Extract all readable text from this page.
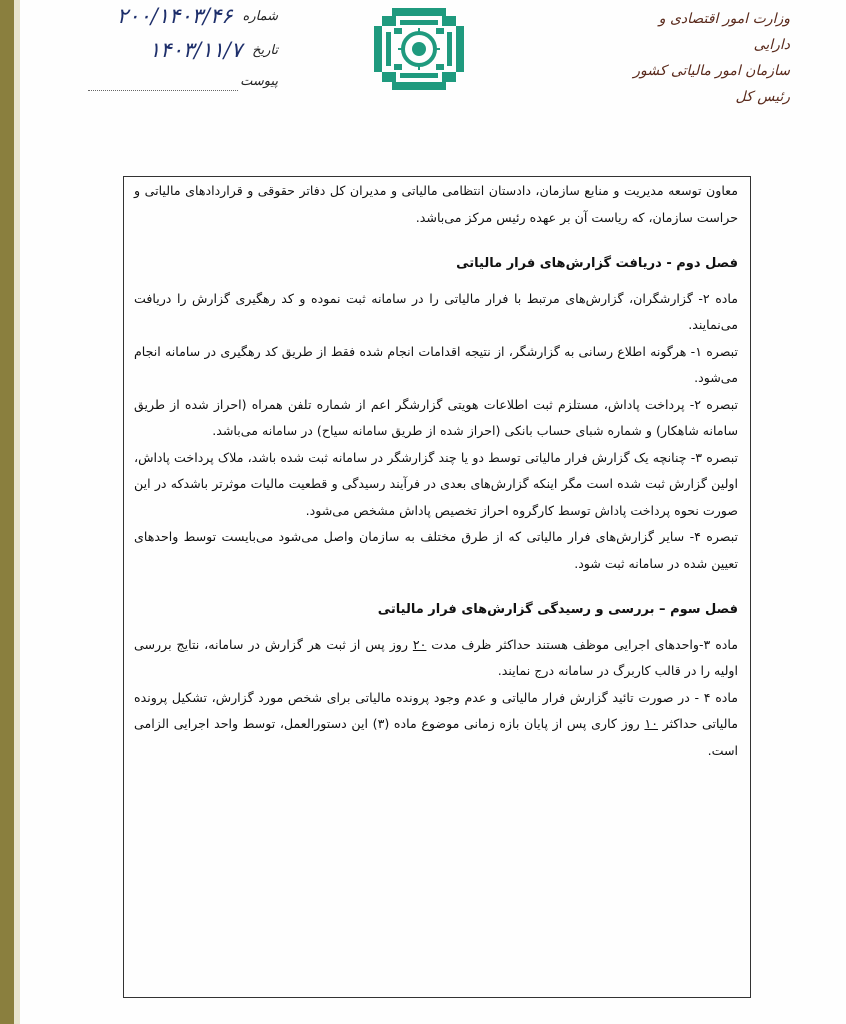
شماره
۲۰۰/۱۴۰۳/۴۶
تاریخ
۱۴۰۳/۱۱/۷
پیوست
وزارت امور اقتصادی و دارایی
سازمان امور مالیاتی کشور
رئیس کل

معاون توسعه مدیریت و منابع سازمان، دادستان انتظامی مالیاتی و مدیران کل دفاتر حقوقی و قراردادهای مالیاتی و حراست سازمان، که ریاست آن بر عهده رئیس مرکز می‌باشد.

فصل دوم - دریافت گزارش‌های فرار مالیاتی

ماده ۲- گزارشگران، گزارش‌های مرتبط با فرار مالیاتی را در سامانه ثبت نموده و کد رهگیری گزارش را دریافت می‌نمایند.

تبصره ۱- هرگونه اطلاع رسانی به گزارشگر، از نتیجه اقدامات انجام شده فقط از طریق کد رهگیری در سامانه انجام می‌شود.

تبصره ۲- پرداخت پاداش، مستلزم ثبت اطلاعات هویتی گزارشگر اعم از شماره تلفن همراه (احراز شده از طریق سامانه شاهکار) و شماره شبای حساب بانکی (احراز شده از طریق سامانه سیاح) در سامانه می‌باشد.

تبصره ۳- چنانچه یک گزارش فرار مالیاتی توسط دو یا چند گزارشگر در سامانه ثبت شده باشد، ملاک پرداخت پاداش، اولین گزارش ثبت شده است مگر اینکه گزارش‌های بعدی در فرآیند رسیدگی و قطعیت مالیات موثرتر باشدکه در این صورت نحوه پرداخت پاداش توسط کارگروه احراز تخصیص پاداش مشخص می‌شود.

تبصره ۴- سایر گزارش‌های فرار مالیاتی که از طرق مختلف به سازمان واصل می‌شود می‌بایست توسط واحدهای تعیین شده در سامانه ثبت شود.

فصل سوم – بررسی و رسیدگی گزارش‌های فرار مالیاتی

ماده ۳-واحدهای اجرایی موظف هستند حداکثر ظرف مدت ۲۰ روز پس از ثبت هر گزارش در سامانه، نتایج بررسی اولیه را در قالب کاربرگ در سامانه درج نمایند.

ماده ۴ - در صورت تائید گزارش فرار مالیاتی و عدم وجود پرونده مالیاتی برای شخص مورد گزارش، تشکیل پرونده مالیاتی حداکثر ۱۰ روز کاری پس از پایان بازه زمانی موضوع ماده (۳) این دستورالعمل، توسط واحد اجرایی الزامی است.
